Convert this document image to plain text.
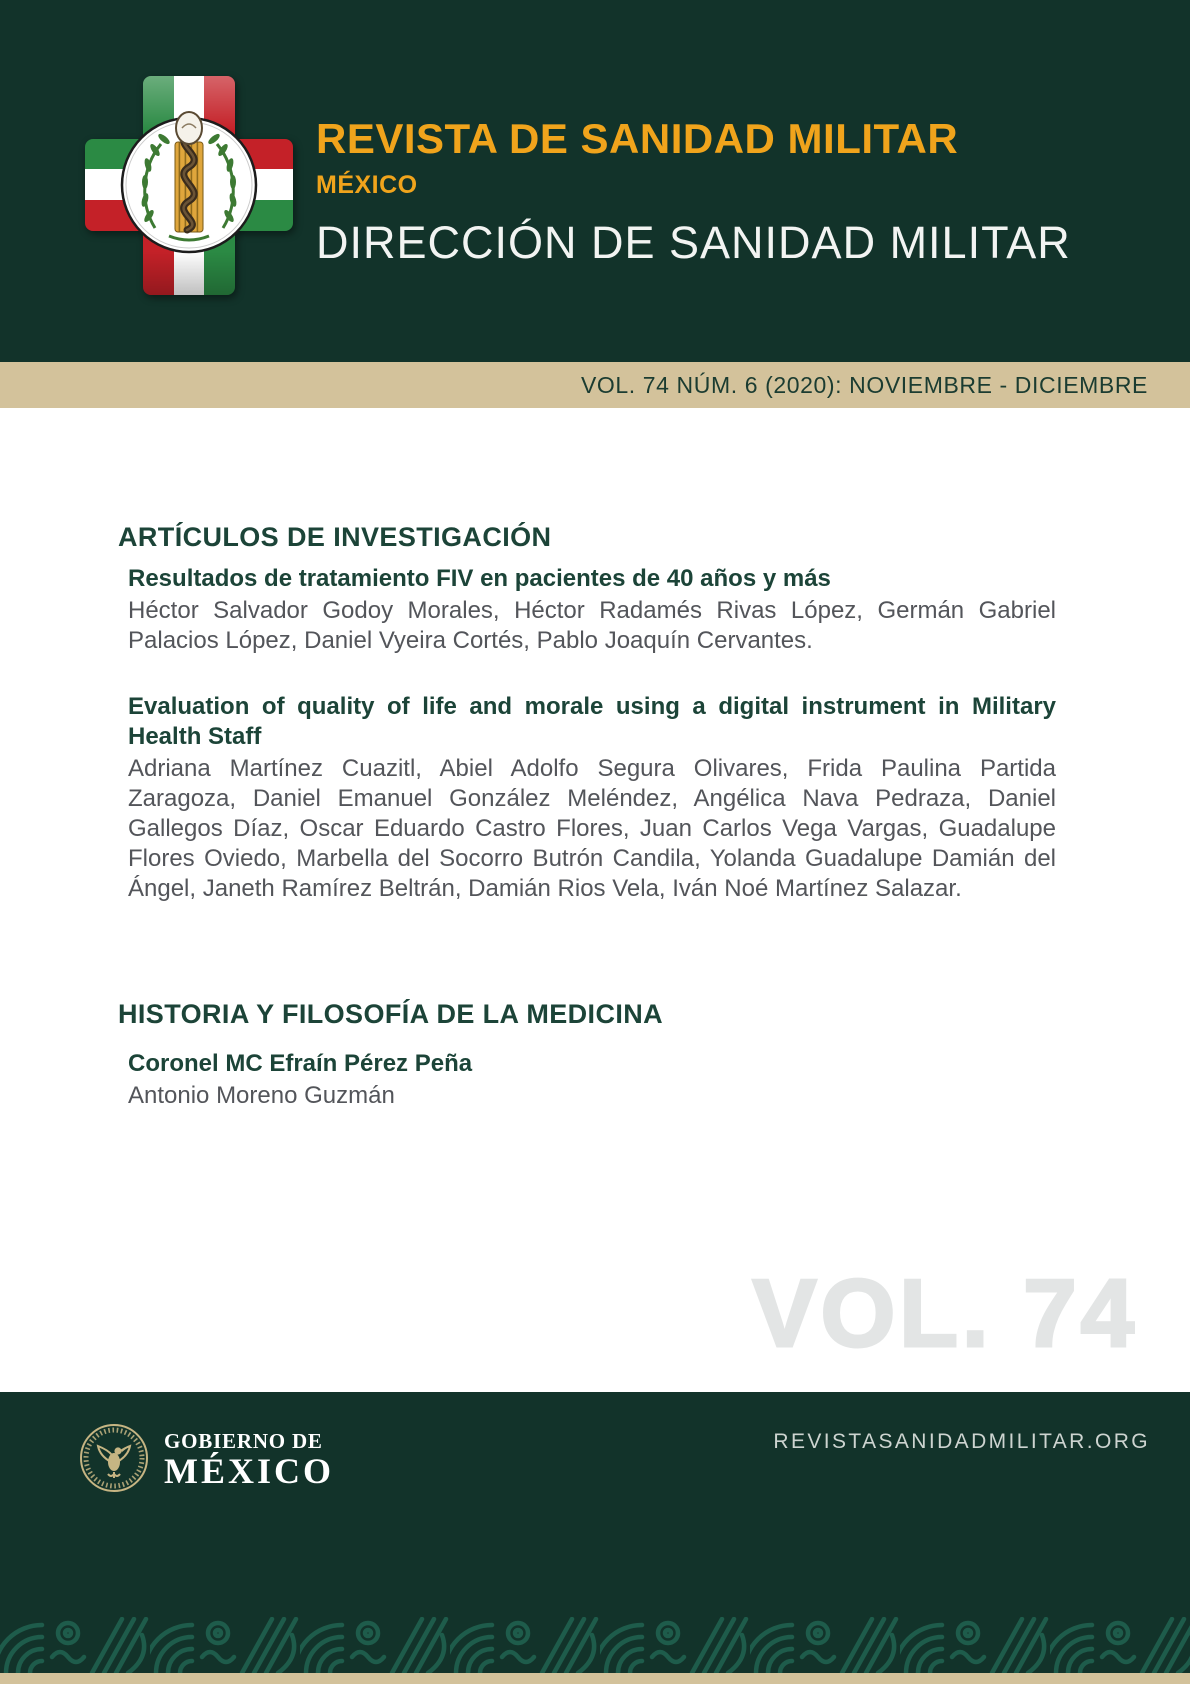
REVISTA DE SANIDAD MILITAR
MÉXICO
DIRECCIÓN DE SANIDAD MILITAR
VOL. 74 NÚM. 6 (2020): NOVIEMBRE - DICIEMBRE
ARTÍCULOS DE INVESTIGACIÓN
Resultados de tratamiento FIV en pacientes de 40 años y más

Héctor Salvador Godoy Morales, Héctor Radamés Rivas López, Germán Gabriel Palacios López, Daniel Vyeira Cortés, Pablo Joaquín Cervantes.

Evaluation of quality of life and morale using a digital instrument in Military Health Staff

Adriana Martínez Cuazitl, Abiel Adolfo Segura Olivares, Frida Paulina Partida Zaragoza, Daniel Emanuel González Meléndez, Angélica Nava Pedraza, Daniel Gallegos Díaz, Oscar Eduardo Castro Flores, Juan Carlos Vega Vargas, Guadalupe Flores Oviedo, Marbella del Socorro Butrón Candila, Yolanda Guadalupe Damián del Ángel, Janeth Ramírez Beltrán, Damián Rios Vela, Iván Noé Martínez Salazar.

HISTORIA Y FILOSOFÍA DE LA MEDICINA
Coronel MC Efraín Pérez Peña

Antonio Moreno Guzmán

VOL. 74
GOBIERNO DE
MÉXICO
REVISTASANIDADMILITAR.ORG
